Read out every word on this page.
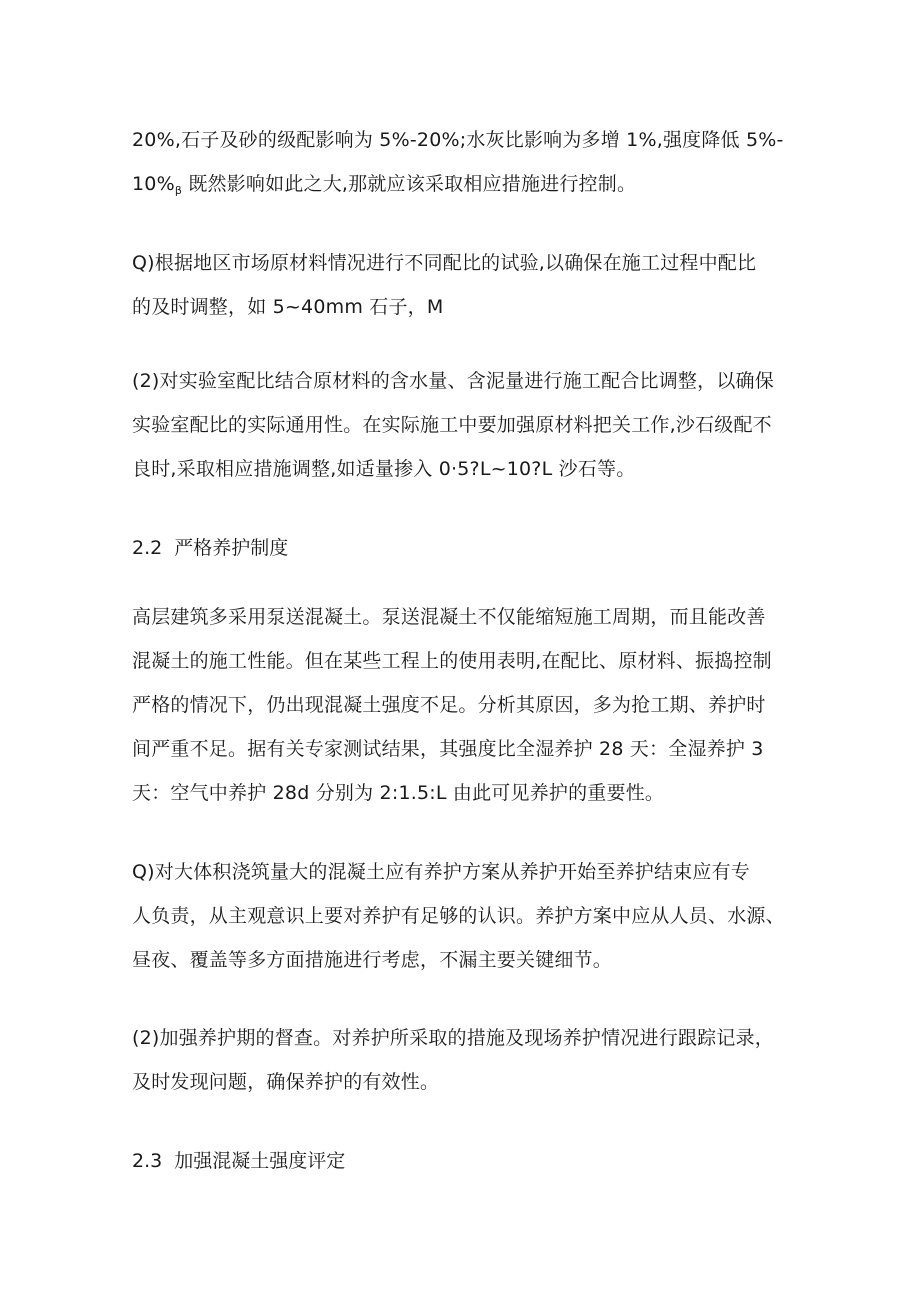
20%,石子及砂的级配影响为 5%-20%;水灰比影响为多增 1%,强度降低 5%-
$10\%_\beta$ 既然影响如此之大,那就应该采取相应措施进行控制。

Q)根据地区市场原材料情况进行不同配比的试验,以确保在施工过程中配比
的及时调整，如 5~40mm 石子，M

(2)对实验室配比结合原材料的含水量、含泥量进行施工配合比调整，以确保
实验室配比的实际通用性。在实际施工中要加强原材料把关工作,沙石级配不
良时,采取相应措施调整,如适量掺入 0·5?L~10?L 沙石等。

2.2  严格养护制度

高层建筑多采用泵送混凝土。泵送混凝土不仅能缩短施工周期，而且能改善
混凝土的施工性能。但在某些工程上的使用表明,在配比、原材料、振捣控制
严格的情况下，仍出现混凝土强度不足。分析其原因，多为抢工期、养护时
间严重不足。据有关专家测试结果，其强度比全湿养护 28 天：全湿养护 3
天：空气中养护 28d 分别为 2:1.5:L 由此可见养护的重要性。

Q)对大体积浇筑量大的混凝土应有养护方案从养护开始至养护结束应有专
人负责，从主观意识上要对养护有足够的认识。养护方案中应从人员、水源、
昼夜、覆盖等多方面措施进行考虑，不漏主要关键细节。

(2)加强养护期的督查。对养护所采取的措施及现场养护情况进行跟踪记录，
及时发现问题，确保养护的有效性。

2.3  加强混凝土强度评定
